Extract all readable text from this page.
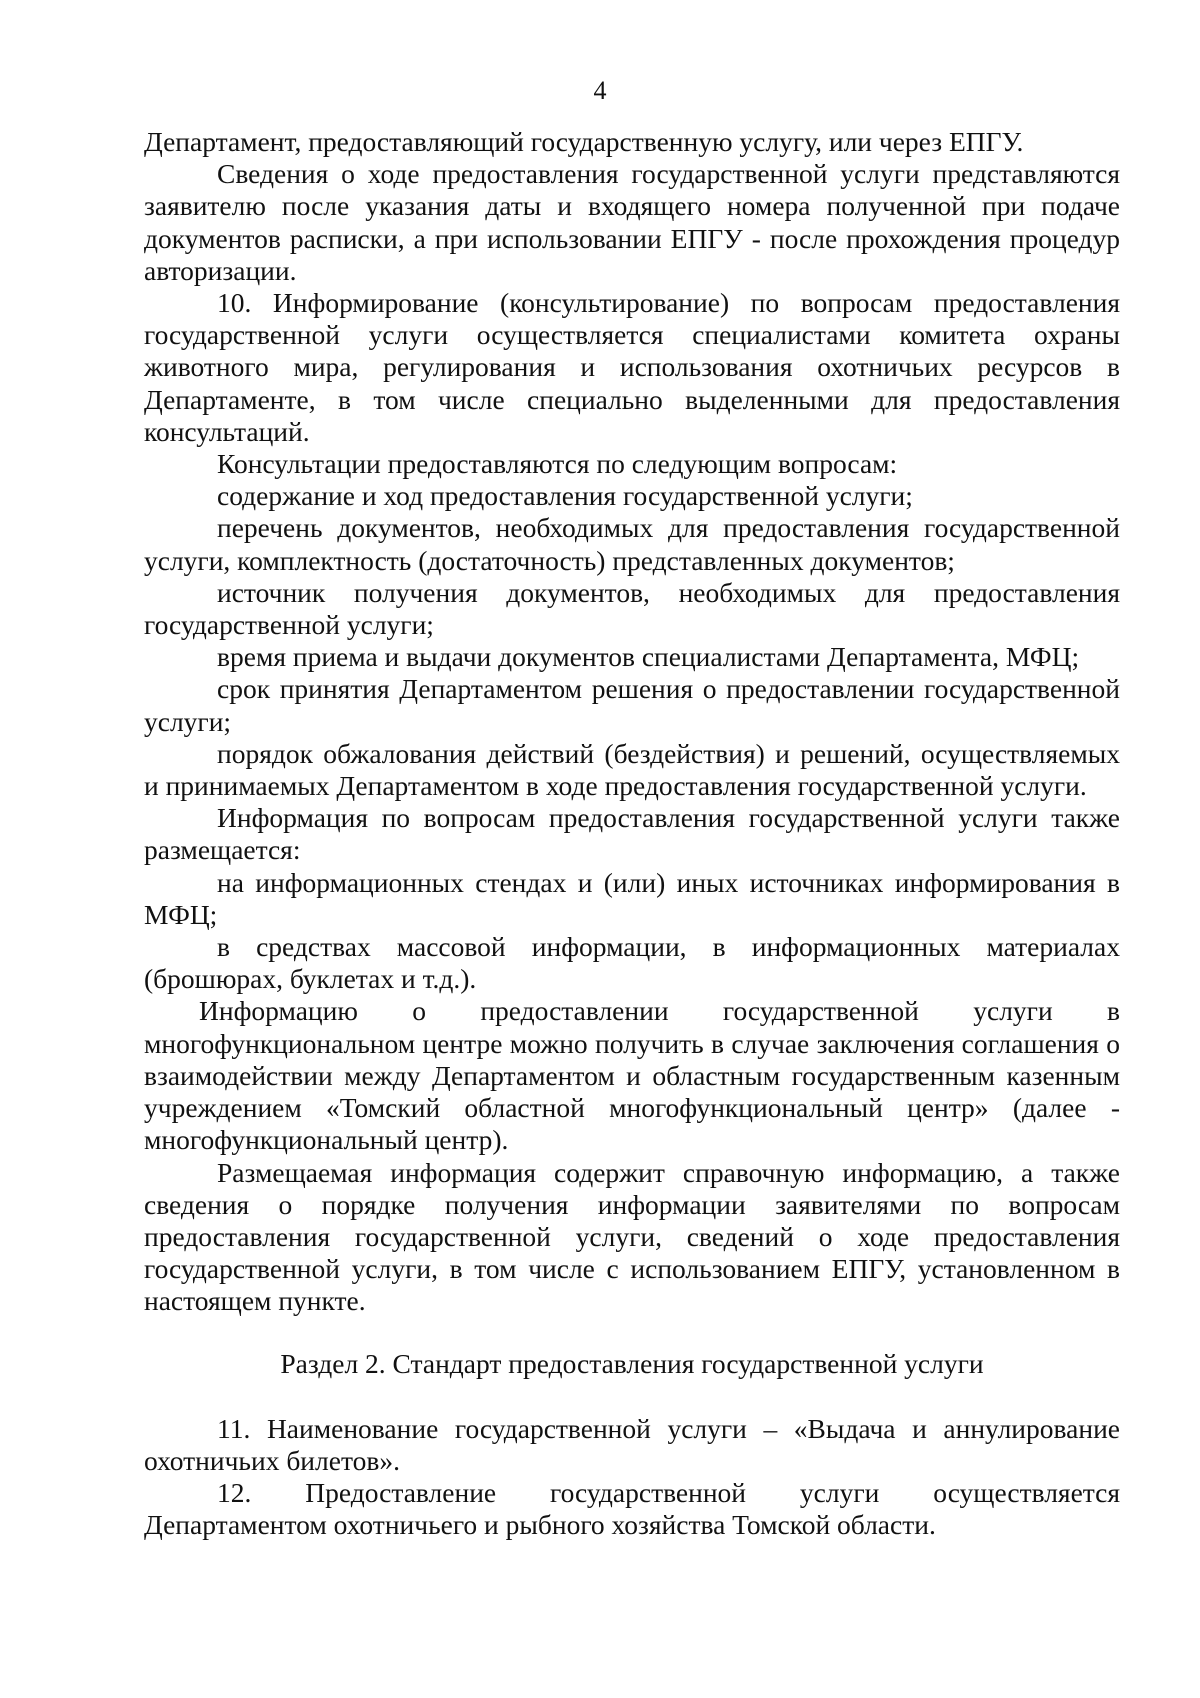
4

Департамент, предоставляющий государственную услугу, или через ЕПГУ.

Сведения о ходе предоставления государственной услуги представляются заявителю после указания даты и входящего номера полученной при подаче документов расписки, а при использовании ЕПГУ - после прохождения процедур авторизации.

10. Информирование (консультирование) по вопросам предоставления государственной услуги осуществляется специалистами комитета охраны животного мира, регулирования и использования охотничьих ресурсов в Департаменте, в том числе специально выделенными для предоставления консультаций.

Консультации предоставляются по следующим вопросам:

содержание и ход предоставления государственной услуги;

перечень документов, необходимых для предоставления государственной услуги, комплектность (достаточность) представленных документов;

источник получения документов, необходимых для предоставления государственной услуги;

время приема и выдачи документов специалистами Департамента, МФЦ;

срок принятия Департаментом решения о предоставлении государственной услуги;

порядок обжалования действий (бездействия) и решений, осуществляемых и принимаемых Департаментом в ходе предоставления государственной услуги.

Информация по вопросам предоставления государственной услуги также размещается:

на информационных стендах и (или) иных источниках информирования в МФЦ;

в средствах массовой информации, в информационных материалах (брошюрах, буклетах и т.д.).

Информацию о предоставлении государственной услуги в многофункциональном центре можно получить в случае заключения соглашения о взаимодействии между Департаментом и областным государственным казенным учреждением «Томский областной многофункциональный центр» (далее - многофункциональный центр).

Размещаемая информация содержит справочную информацию, а также сведения о порядке получения информации заявителями по вопросам предоставления государственной услуги, сведений о ходе предоставления государственной услуги, в том числе с использованием ЕПГУ, установленном в настоящем пункте.

Раздел 2. Стандарт предоставления государственной услуги

11. Наименование государственной услуги – «Выдача и аннулирование охотничьих билетов».

12. Предоставление государственной услуги осуществляется Департаментом охотничьего и рыбного хозяйства Томской области.
